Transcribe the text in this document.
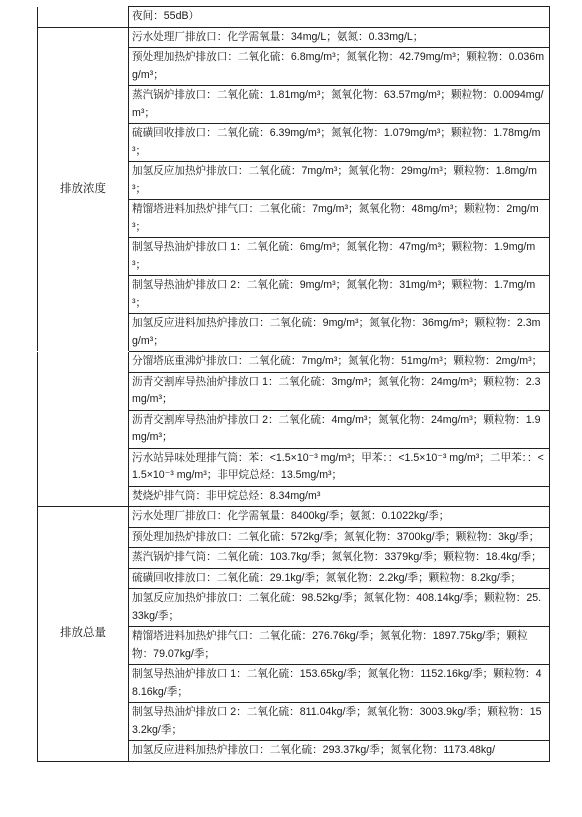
	夜间：55dB）
排放浓度	污水处理厂排放口：化学需氧量：34mg/L；氨氮：0.33mg/L；
	预处理加热炉排放口：二氧化硫：6.8mg/m³；氮氧化物：42.79mg/m³；颗粒物：0.036mg/m³；
	蒸汽锅炉排放口：二氧化硫：1.81mg/m³；氮氧化物：63.57mg/m³；颗粒物：0.0094mg/m³；
	硫磺回收排放口：二氧化硫：6.39mg/m³；氮氧化物：1.079mg/m³；颗粒物：1.78mg/m³；
	加氢反应加热炉排放口：二氧化硫：7mg/m³；氮氧化物：29mg/m³；颗粒物：1.8mg/m³；
	精馏塔进料加热炉排气口：二氧化硫：7mg/m³；氮氧化物：48mg/m³；颗粒物：2mg/m³；
	制氢导热油炉排放口 1：二氧化硫：6mg/m³；氮氧化物：47mg/m³；颗粒物：1.9mg/m³；
	制氢导热油炉排放口 2：二氧化硫：9mg/m³；氮氧化物：31mg/m³；颗粒物：1.7mg/m³；
	加氢反应进料加热炉排放口：二氧化硫：9mg/m³；氮氧化物：36mg/m³；颗粒物：2.3mg/m³；
	分馏塔底重沸炉排放口：二氧化硫：7mg/m³；氮氧化物：51mg/m³；颗粒物：2mg/m³；
	沥青交割库导热油炉排放口 1：二氧化硫：3mg/m³；氮氧化物：24mg/m³；颗粒物：2.3mg/m³；
	沥青交割库导热油炉排放口 2：二氧化硫：4mg/m³；氮氧化物：24mg/m³；颗粒物：1.9mg/m³；
	污水站异味处理排气筒：苯：<1.5×10⁻³ mg/m³；甲苯：：<1.5×10⁻³ mg/m³；二甲苯：：<1.5×10⁻³ mg/m³；非甲烷总烃：13.5mg/m³；
	焚烧炉排气筒：非甲烷总烃：8.34mg/m³
排放总量	污水处理厂排放口：化学需氧量：8400kg/季；氨氮：0.1022kg/季；
	预处理加热炉排放口：二氧化硫：572kg/季；氮氧化物：3700kg/季；颗粒物：3kg/季；
	蒸汽锅炉排气筒：二氧化硫：103.7kg/季；氮氧化物：3379kg/季；颗粒物：18.4kg/季；
	硫磺回收排放口：二氧化硫：29.1kg/季；氮氧化物：2.2kg/季；颗粒物：8.2kg/季；
	加氢反应加热炉排放口：二氧化硫：98.52kg/季；氮氧化物：408.14kg/季；颗粒物：25.33kg/季；
	精馏塔进料加热炉排气口：二氧化硫：276.76kg/季；氮氧化物：1897.75kg/季；颗粒物：79.07kg/季；
	制氢导热油炉排放口 1：二氧化硫：153.65kg/季；氮氧化物：1152.16kg/季；颗粒物：48.16kg/季；
	制氢导热油炉排放口 2：二氧化硫：811.04kg/季；氮氧化物：3003.9kg/季；颗粒物：153.2kg/季；
	加氢反应进料加热炉排放口：二氧化硫：293.37kg/季；氮氧化物：1173.48kg/
